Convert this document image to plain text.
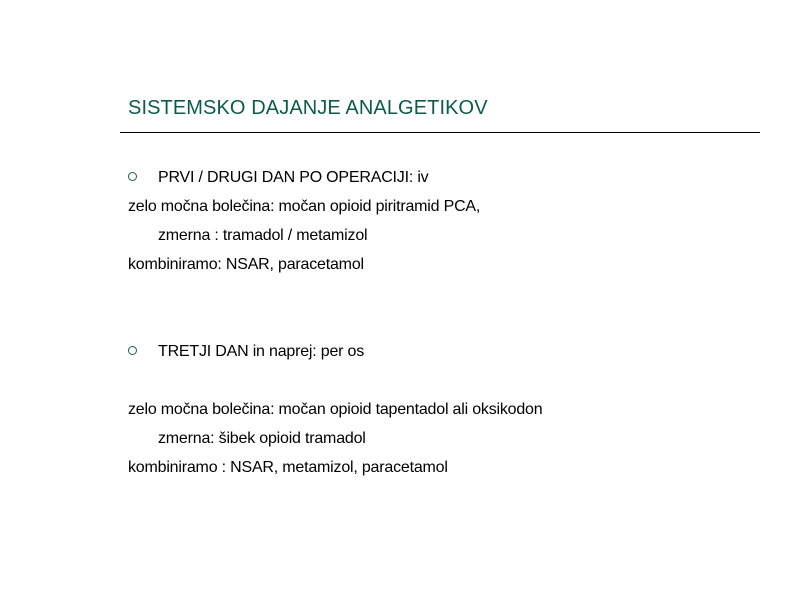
SISTEMSKO DAJANJE ANALGETIKOV
PRVI / DRUGI DAN PO OPERACIJI: iv
zelo močna bolečina: močan opioid piritramid PCA,
zmerna : tramadol / metamizol
kombiniramo: NSAR, paracetamol
TRETJI DAN in naprej: per os
zelo močna bolečina: močan opioid tapentadol ali oksikodon
zmerna: šibek opioid tramadol
kombiniramo : NSAR, metamizol, paracetamol
